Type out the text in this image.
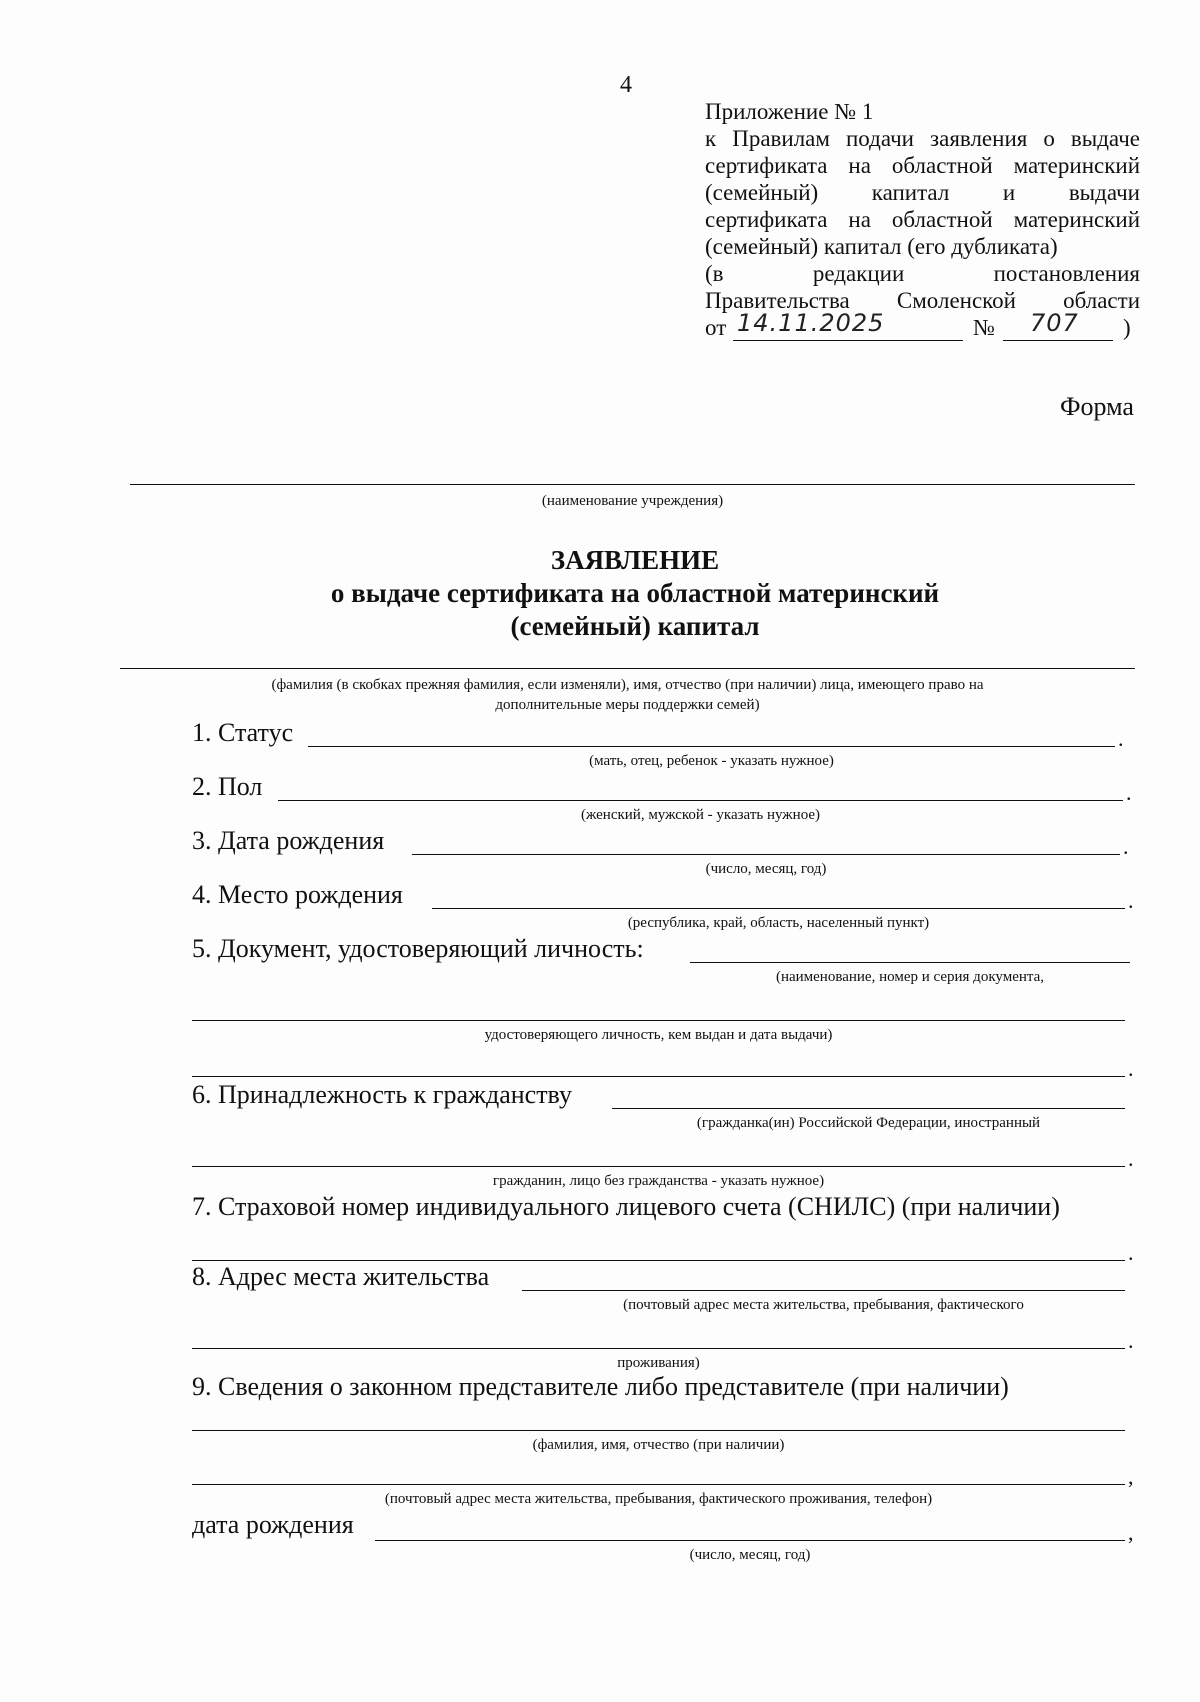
4
Приложение № 1
к Правилам подачи заявления о выдаче
сертификата на областной материнский
(семейный) капитал и выдачи
сертификата на областной материнский
(семейный) капитал (его дубликата)
(в редакции постановления
Правительства Смоленской области
от 14.11.2025	№ 707 )
Форма
(наименование учреждения)
ЗАЯВЛЕНИЕ
о выдаче сертификата на областной материнский
(семейный) капитал
(фамилия (в скобках прежняя фамилия, если изменяли), имя, отчество (при наличии) лица, имеющего право на
дополнительные меры поддержки семей)
1. Статус	.
(мать, отец, ребенок - указать нужное)
2. Пол	.
(женский, мужской - указать нужное)
3. Дата рождения	.
(число, месяц, год)
4. Место рождения	.
(республика, край, область, населенный пункт)
5. Документ, удостоверяющий личность:
(наименование, номер и серия документа,
удостоверяющего личность, кем выдан и дата выдачи)
.
6. Принадлежность к гражданству
(гражданка(ин) Российской Федерации, иностранный
.
гражданин, лицо без гражданства - указать нужное)
7. Страховой номер индивидуального лицевого счета (СНИЛС) (при наличии)
.
8. Адрес места жительства
(почтовый адрес места жительства, пребывания, фактического
.
проживания)
9. Сведения о законном представителе либо представителе (при наличии)
(фамилия, имя, отчество (при наличии)
,
(почтовый адрес места жительства, пребывания, фактического проживания, телефон)
дата рождения	,
(число, месяц, год)
